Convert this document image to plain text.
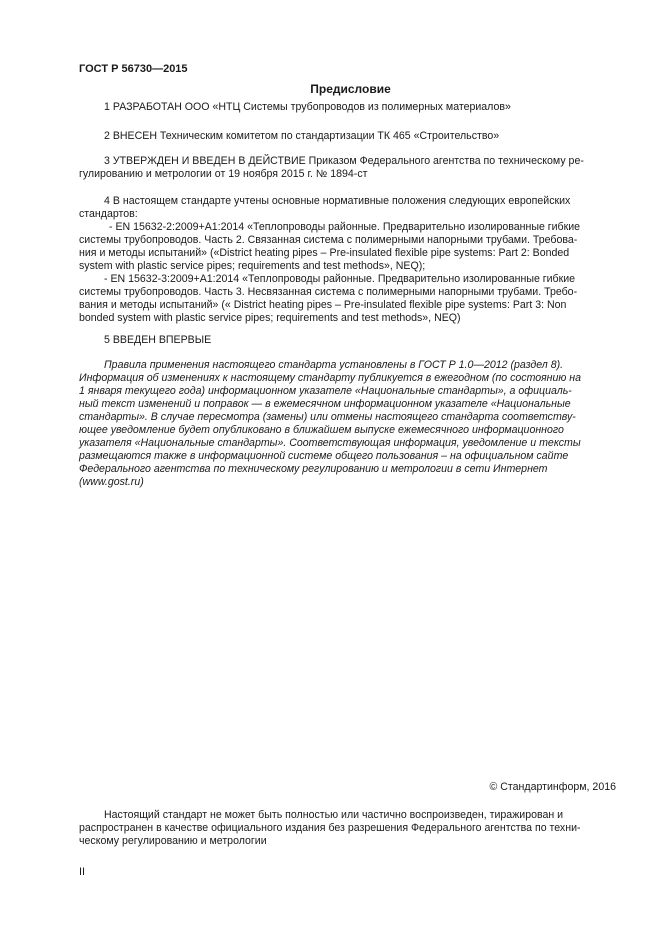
ГОСТ Р 56730—2015
Предисловие

1 РАЗРАБОТАН ООО «НТЦ Системы трубопроводов из полимерных материалов»

2 ВНЕСЕН Техническим комитетом по стандартизации ТК 465 «Строительство»

3 УТВЕРЖДЕН И ВВЕДЕН В ДЕЙСТВИЕ Приказом Федерального агентства по техническому ре-

гулированию и метрологии от 19 ноября 2015 г. № 1894-ст

4 В настоящем стандарте учтены основные нормативные положения следующих европейских

стандартов:

- EN 15632-2:2009+A1:2014 «Теплопроводы районные. Предварительно изолированные гибкие

системы трубопроводов. Часть 2. Связанная система с полимерными напорными трубами. Требова-

ния и методы испытаний» («District heating pipes – Pre-insulated flexible pipe systems: Part 2: Bonded

system with plastic service pipes; requirements and test methods», NEQ);

- EN 15632-3:2009+A1:2014 «Теплопроводы районные. Предварительно изолированные гибкие

системы трубопроводов. Часть 3. Несвязанная система с полимерными напорными трубами. Требо-

вания и методы испытаний» (« District heating pipes – Pre-insulated flexible pipe systems: Part 3: Non

bonded system with plastic service pipes; requirements and test methods», NEQ)

5 ВВЕДЕН ВПЕРВЫЕ

Правила применения настоящего стандарта установлены в ГОСТ Р 1.0—2012 (раздел 8).

Информация об изменениях к настоящему стандарту публикуется в ежегодном (по состоянию на

1 января текущего года) информационном указателе «Национальные стандарты», а официаль-

ный текст изменений и поправок — в ежемесячном информационном указателе «Национальные

стандарты». В случае пересмотра (замены) или отмены настоящего стандарта соответству-

ющее уведомление будет опубликовано в ближайшем выпуске ежемесячного информационного

указателя «Национальные стандарты». Соответствующая информация, уведомление и тексты

размещаются также в информационной системе общего пользования – на официальном сайте

Федерального агентства по техническому регулированию и метрологии в сети Интернет

(www.gost.ru)

© Стандартинформ, 2016

Настоящий стандарт не может быть полностью или частично воспроизведен, тиражирован и

распространен в качестве официального издания без разрешения Федерального агентства по техни-

ческому регулированию и метрологии

II
